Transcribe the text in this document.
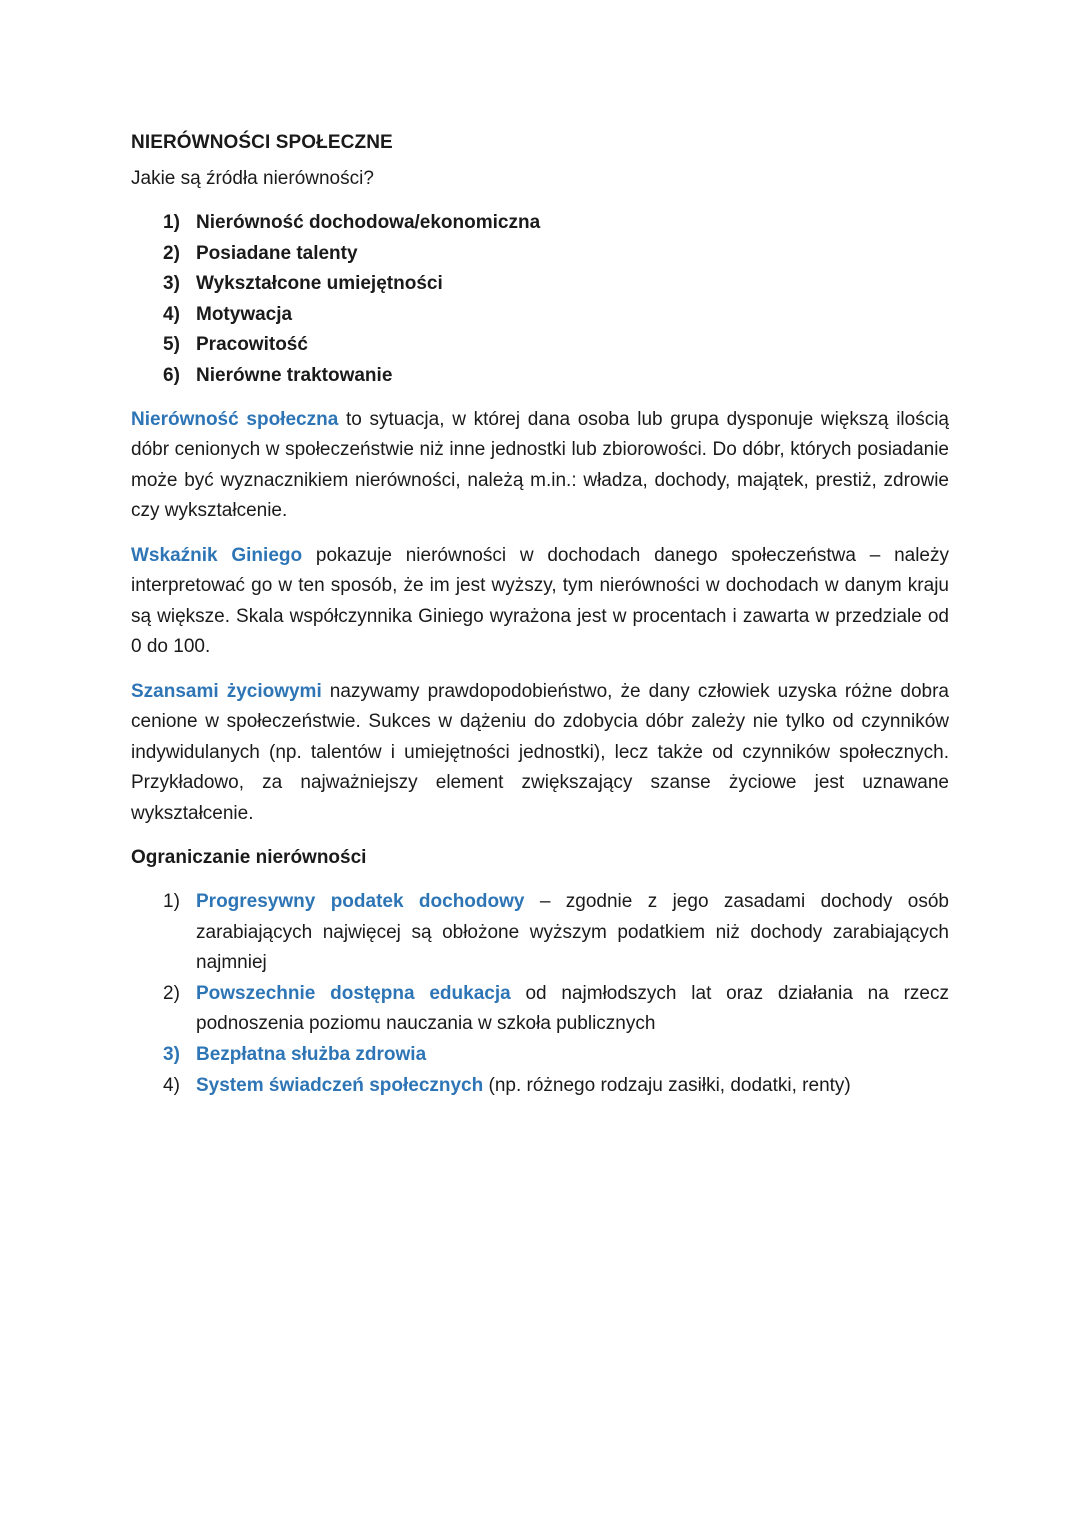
NIERÓWNOŚCI SPOŁECZNE
Jakie są źródła nierówności?
1) Nierówność dochodowa/ekonomiczna
2) Posiadane talenty
3) Wykształcone umiejętności
4) Motywacja
5) Pracowitość
6) Nierówne traktowanie

Nierówność społeczna to sytuacja, w której dana osoba lub grupa dysponuje większą ilością dóbr cenionych w społeczeństwie niż inne jednostki lub zbiorowości. Do dóbr, których posiadanie może być wyznacznikiem nierówności, należą m.in.: władza, dochody, majątek, prestiż, zdrowie czy wykształcenie.

Wskaźnik Giniego pokazuje nierówności w dochodach danego społeczeństwa – należy interpretować go w ten sposób, że im jest wyższy, tym nierówności w dochodach w danym kraju są większe. Skala współczynnika Giniego wyrażona jest w procentach i zawarta w przedziale od 0 do 100.

Szansami życiowymi nazywamy prawdopodobieństwo, że dany człowiek uzyska różne dobra cenione w społeczeństwie. Sukces w dążeniu do zdobycia dóbr zależy nie tylko od czynników indywidulanych (np. talentów i umiejętności jednostki), lecz także od czynników społecznych. Przykładowo, za najważniejszy element zwiększający szanse życiowe jest uznawane wykształcenie.

Ograniczanie nierówności
1) Progresywny podatek dochodowy – zgodnie z jego zasadami dochody osób zarabiających najwięcej są obłożone wyższym podatkiem niż dochody zarabiających najmniej
2) Powszechnie dostępna edukacja od najmłodszych lat oraz działania na rzecz podnoszenia poziomu nauczania w szkoła publicznych
3) Bezpłatna służba zdrowia
4) System świadczeń społecznych (np. różnego rodzaju zasiłki, dodatki, renty)
